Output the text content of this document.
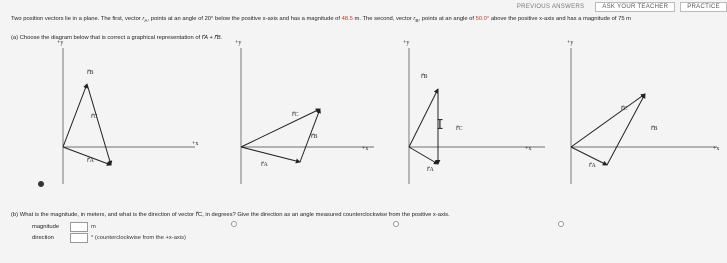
PREVIOUS ANSWERS	ASK YOUR TEACHER	PRACTICE
Two position vectors lie in a plane. The first, vector $r_A$, points at an angle of 20° below the positive x-axis and has a magnitude of 48.5 m. The second, vector $r_B$, points at an angle of 50.0° above the positive x-axis and has a magnitude of 75 m
(a) Choose the diagram below that is correct a graphical representation of r⃗A + r⃗B.
+y
+x
r⃗B
r⃗C
r⃗A
+y
+x
r⃗C
r⃗B
r⃗A
+y
+x
r⃗B
r⃗C
r⃗A
I
+y
+x
r⃗C
r⃗B
r⃗A
(b) What is the magnitude, in meters, and what is the direction of vector r⃗C, in degrees? Give the direction as an angle measured counterclockwise from the positive x-axis.
magnitude	m
direction	° (counterclockwise from the +x-axis)
